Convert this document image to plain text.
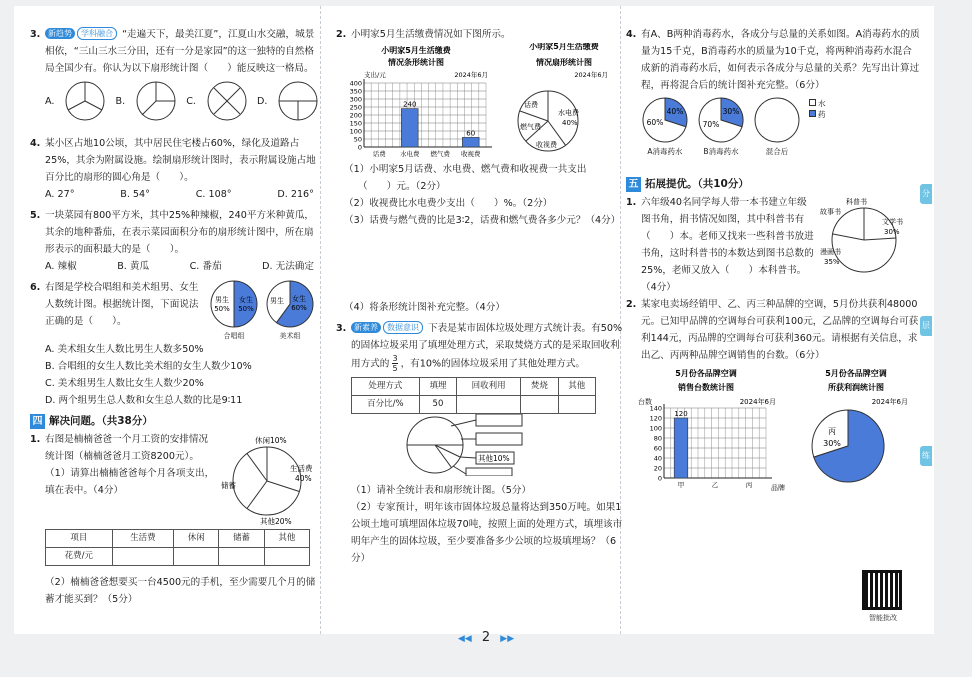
3. 新趋势 学科融合 “走遍天下，最美江夏”，江夏山水交融，城景相依，“三山三水三分田，还有一分是家园”的这一独特的自然格局全国少有。你认为以下扇形统计图（　　）能反映这一格局。
A.	B.	C.	D.
4. 某小区占地10公顷，其中居民住宅楼占60%，绿化及道路占25%，其余为附属设施。绘制扇形统计图时，表示附属设施占地百分比的扇形的圆心角是（　　）。
A. 27°	B. 54°	C. 108°	D. 216°
5. 一块菜园有800平方米，其中25%种辣椒，240平方米种黄瓜，其余的地种番茄，在表示菜园面积分布的扇形统计图中，所在扇形表示的面积最大的是（　　）。
A. 辣椒	B. 黄瓜	C. 番茄	D. 无法确定
6. 右图是学校合唱组和美术组男、女生人数统计图。根据统计图，下面说法正确的是（　　）。
男生
50%
女生
50%
合唱组
男生 女生
60%
美术组
A. 美术组女生人数比男生人数多50%
B. 合唱组的女生人数比美术组的女生人数少10%
C. 美术组男生人数比女生人数少20%
D. 两个组男生总人数和女生总人数的比是9∶11
四 解决问题。（共38分）
1. 右图是楠楠爸爸一个月工资的安排情况统计图（楠楠爸爸月工资8200元）。
（1）请算出楠楠爸爸每个月各项支出，填在表中。（4分）
休闲10%
生活费
40%
储蓄
其他20%
项目	生活费	休闲	储蓄	其他
花费/元				
（2）楠楠爸爸想要买一台4500元的手机，至少需要几个月的储蓄才能买到？（5分）
2. 小明家5月生活缴费情况如下图所示。
小明家5月生活缴费
情况条形统计图
支出/元	2024年6月
0
50
100
150
200
250
300
350
400
话费 水电费
240
燃气费 收视费
60
小明家5月生活缴费
情况扇形统计图
2024年6月
水电费
40%
话费
燃气费
收视费
（1）小明家5月话费、水电费、燃气费和收视费一共支出
（　　）元。（2分）
（2）收视费比水电费少支出（　　）%。（2分）
（3）话费与燃气费的比是3∶2，话费和燃气费各多少元？（4分）
（4）将条形统计图补充完整。（4分）
3. 新素养 数据意识 下表是某市固体垃圾处理方式统计表。有50%的固体垃圾采用了填埋处理方式，采取焚烧方式的是采取回收利用方式的 $\frac{3}{5}$ ，有10%的固体垃圾采用了其他处理方式。
处理方式	填埋	回收利用	焚烧	其他
百分比/%	50			
其他10%
（1）请补全统计表和扇形统计图。（5分）
（2）专家预计，明年该市固体垃圾总量将达到350万吨。如果1公顷土地可填埋固体垃圾70吨，按照上面的处理方式，填埋该市明年产生的固体垃圾，至少要准备多少公顷的垃圾填埋场？（6分）
4. 有A、B两种消毒药水，各成分与总量的关系如图。A消毒药水的质量为15千克，B消毒药水的质量为10千克，将两种消毒药水混合成新的消毒药水后，如何表示各成分与总量的关系？先写出计算过程，再将混合后的统计图补充完整。（6分）
60%
40%
A消毒药水
70%
30%
B消毒药水	混合后
水
药
五 拓展提优。（共10分）
1. 六年级40名同学每人带一本书建立年级图书角，捐书情况如图，其中科普书有（　　）本。老师又找来一些科普书放进书角，这时科普书的本数达到图书总数的25%，老师又放入（　　）本科普书。（4分）
科普书
故事书
文学书
30%
漫画书
35%
2. 某家电卖场经销甲、乙、丙三种品牌的空调，5月份共获利48000元。已知甲品牌的空调每台可获利100元，乙品牌的空调每台可获利144元，丙品牌的空调每台可获利360元。请根据有关信息，求出乙、丙两种品牌空调销售的台数。（6分）
5月份各品牌空调
销售台数统计图
台数	2024年6月
品牌
0
20
40
60
80
100
120
140
甲
120
乙	丙
5月份各品牌空调
所获利润统计图
2024年6月
丙
30%
分
层
练
智能批改
◀◀ 2 ▶▶
